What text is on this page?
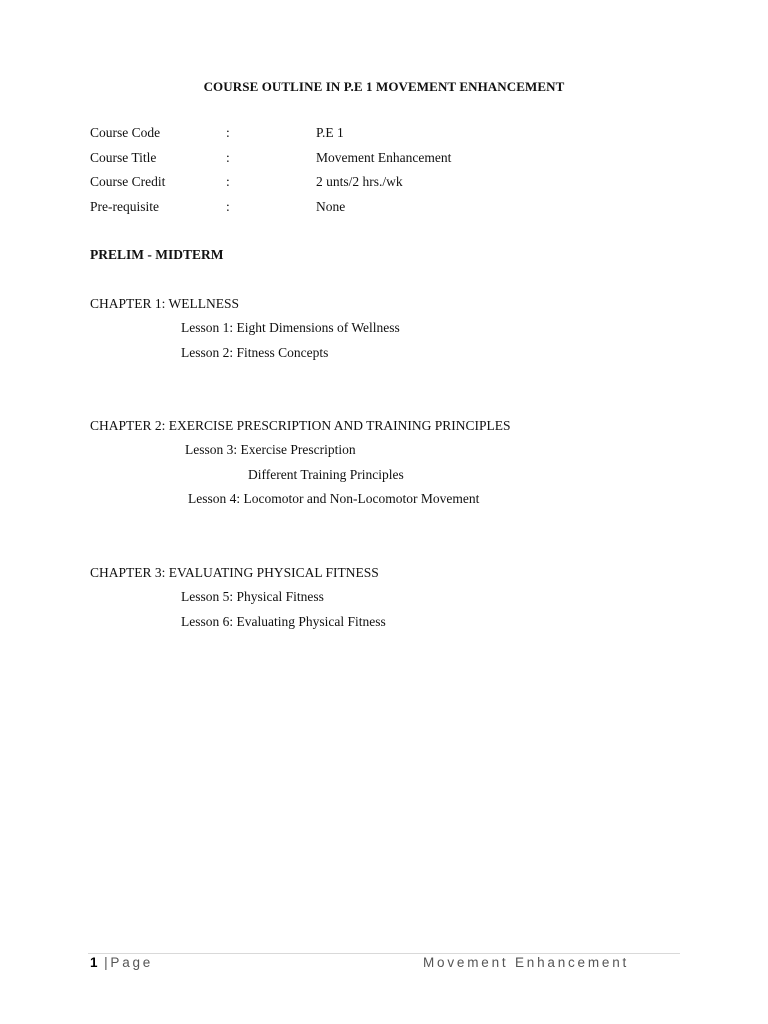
COURSE OUTLINE IN P.E 1 MOVEMENT ENHANCEMENT
Course Code	:	P.E 1
Course Title	:	Movement Enhancement
Course Credit	:	2 unts/2 hrs./wk
Pre-requisite	:	None
PRELIM - MIDTERM
CHAPTER 1: WELLNESS
Lesson 1: Eight Dimensions of Wellness
Lesson 2: Fitness Concepts
CHAPTER 2: EXERCISE PRESCRIPTION AND TRAINING PRINCIPLES
Lesson 3: Exercise Prescription
Different Training Principles
Lesson 4: Locomotor and Non-Locomotor Movement
CHAPTER 3: EVALUATING PHYSICAL FITNESS
Lesson 5: Physical Fitness
Lesson 6: Evaluating Physical Fitness
1 |Page	Movement Enhancement
